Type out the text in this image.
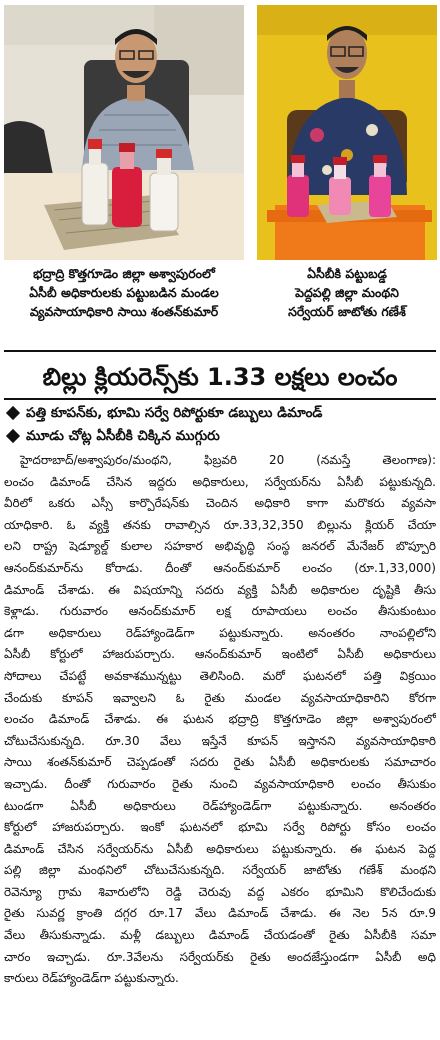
భద్రాద్రి కొత్తగూడెం జిల్లా అశ్వాపురంలో
ఏసీబీ అధికారులకు పట్టుబడిన మండల
వ్యవసాయాధికారి సాయి శంతన్‌కుమార్
ఏసీబీకి పట్టుబడ్డ
పెద్దపల్లి జిల్లా మంథని
సర్వేయర్ జాటోతు గణేశ్
బిల్లు క్లియరెన్స్‌కు 1.33 లక్షలు లంచం
పత్తి కూపన్‌కు, భూమి సర్వే రిపోర్టుకూ డబ్బులు డిమాండ్
మూడు చోట్ల ఏసీబీకి చిక్కిన ముగ్గురు
హైదరాబాద్/అశ్వాపురం/మంథని, ఫిబ్రవరి 20 (నమస్తే తెలంగాణ):
లంచం డిమాండ్ చేసిన ఇద్దరు అధికారులు, సర్వేయర్‌ను ఏసీబీ పట్టుకున్నది.
వీరిలో ఒకరు ఎస్సీ కార్పొరేషన్‌కు చెందిన అధికారి కాగా మరొకరు వ్యవసా
యాధికారి. ఓ వ్యక్తి తనకు రావాల్సిన రూ.33,32,350 బిల్లును క్లియర్ చేయా
లని రాష్ట్ర షెడ్యూల్డ్ కులాల సహకార అభివృద్ధి సంస్థ జనరల్ మేనేజర్ బొప్పూరి
ఆనంద్‌కుమార్‌ను కోరాడు. దీంతో ఆనంద్‌కుమార్ లంచం (రూ.1,33,000)
డిమాండ్ చేశాడు. ఈ విషయాన్ని సదరు వ్యక్తి ఏసీబీ అధికారుల దృష్టికి తీసు
కెళ్లాడు. గురువారం ఆనంద్‌కుమార్ లక్ష రూపాయలు లంచం తీసుకుంటుం
డగా అధికారులు రెడ్‌హ్యాండెడ్‌గా పట్టుకున్నారు. అనంతరం నాంపల్లిలోని
ఏసీబీ కోర్టులో హాజరుపర్చారు. ఆనంద్‌కుమార్ ఇంటిలో ఏసీబీ అధికారులు
సోదాలు చేపట్టే అవకాశమున్నట్టు తెలిసింది. మరో ఘటనలో పత్తి విక్రయిం
చేందుకు కూపన్ ఇవ్వాలని ఓ రైతు మండల వ్యవసాయాధికారిని కోరగా
లంచం డిమాండ్ చేశాడు. ఈ ఘటన భద్రాద్రి కొత్తగూడెం జిల్లా అశ్వాపురంలో
చోటుచేసుకున్నది. రూ.30 వేలు ఇస్తేనే కూపన్ ఇస్తానని వ్యవసాయాధికారి
సాయి శంతన్‌కుమార్ చెప్పడంతో సదరు రైతు ఏసీబీ అధికారులకు సమాచారం
ఇచ్చాడు. దీంతో గురువారం రైతు నుంచి వ్యవసాయాధికారి లంచం తీసుకుం
టుండగా ఏసీబీ అధికారులు రెడ్‌హ్యాండెడ్‌గా పట్టుకున్నారు. అనంతరం
కోర్టులో హాజరుపర్చారు. ఇంకో ఘటనలో భూమి సర్వే రిపోర్టు కోసం లంచం
డిమాండ్ చేసిన సర్వేయర్‌ను ఏసీబీ అధికారులు పట్టుకున్నారు. ఈ ఘటన పెద్ద
పల్లి జిల్లా మంథనిలో చోటుచేసుకున్నది. సర్వేయర్ జాటోతు గణేశ్ మంథని
రెవెన్యూ గ్రామ శివారులోని రెడ్డి చెరువు వద్ద ఎకరం భూమిని కొలిచేందుకు
రైతు సువర్ణ క్రాంతి దగ్గర రూ.17 వేలు డిమాండ్ చేశాడు. ఈ నెల 5న రూ.9
వేలు తీసుకున్నాడు. మళ్లీ డబ్బులు డిమాండ్ చేయడంతో రైతు ఏసీబీకి సమా
చారం ఇచ్చాడు. రూ.3వేలను సర్వేయర్‌కు రైతు అందజేస్తుండగా ఏసీబీ అధి
కారులు రెడ్‌హ్యాండెడ్‌గా పట్టుకున్నారు.
